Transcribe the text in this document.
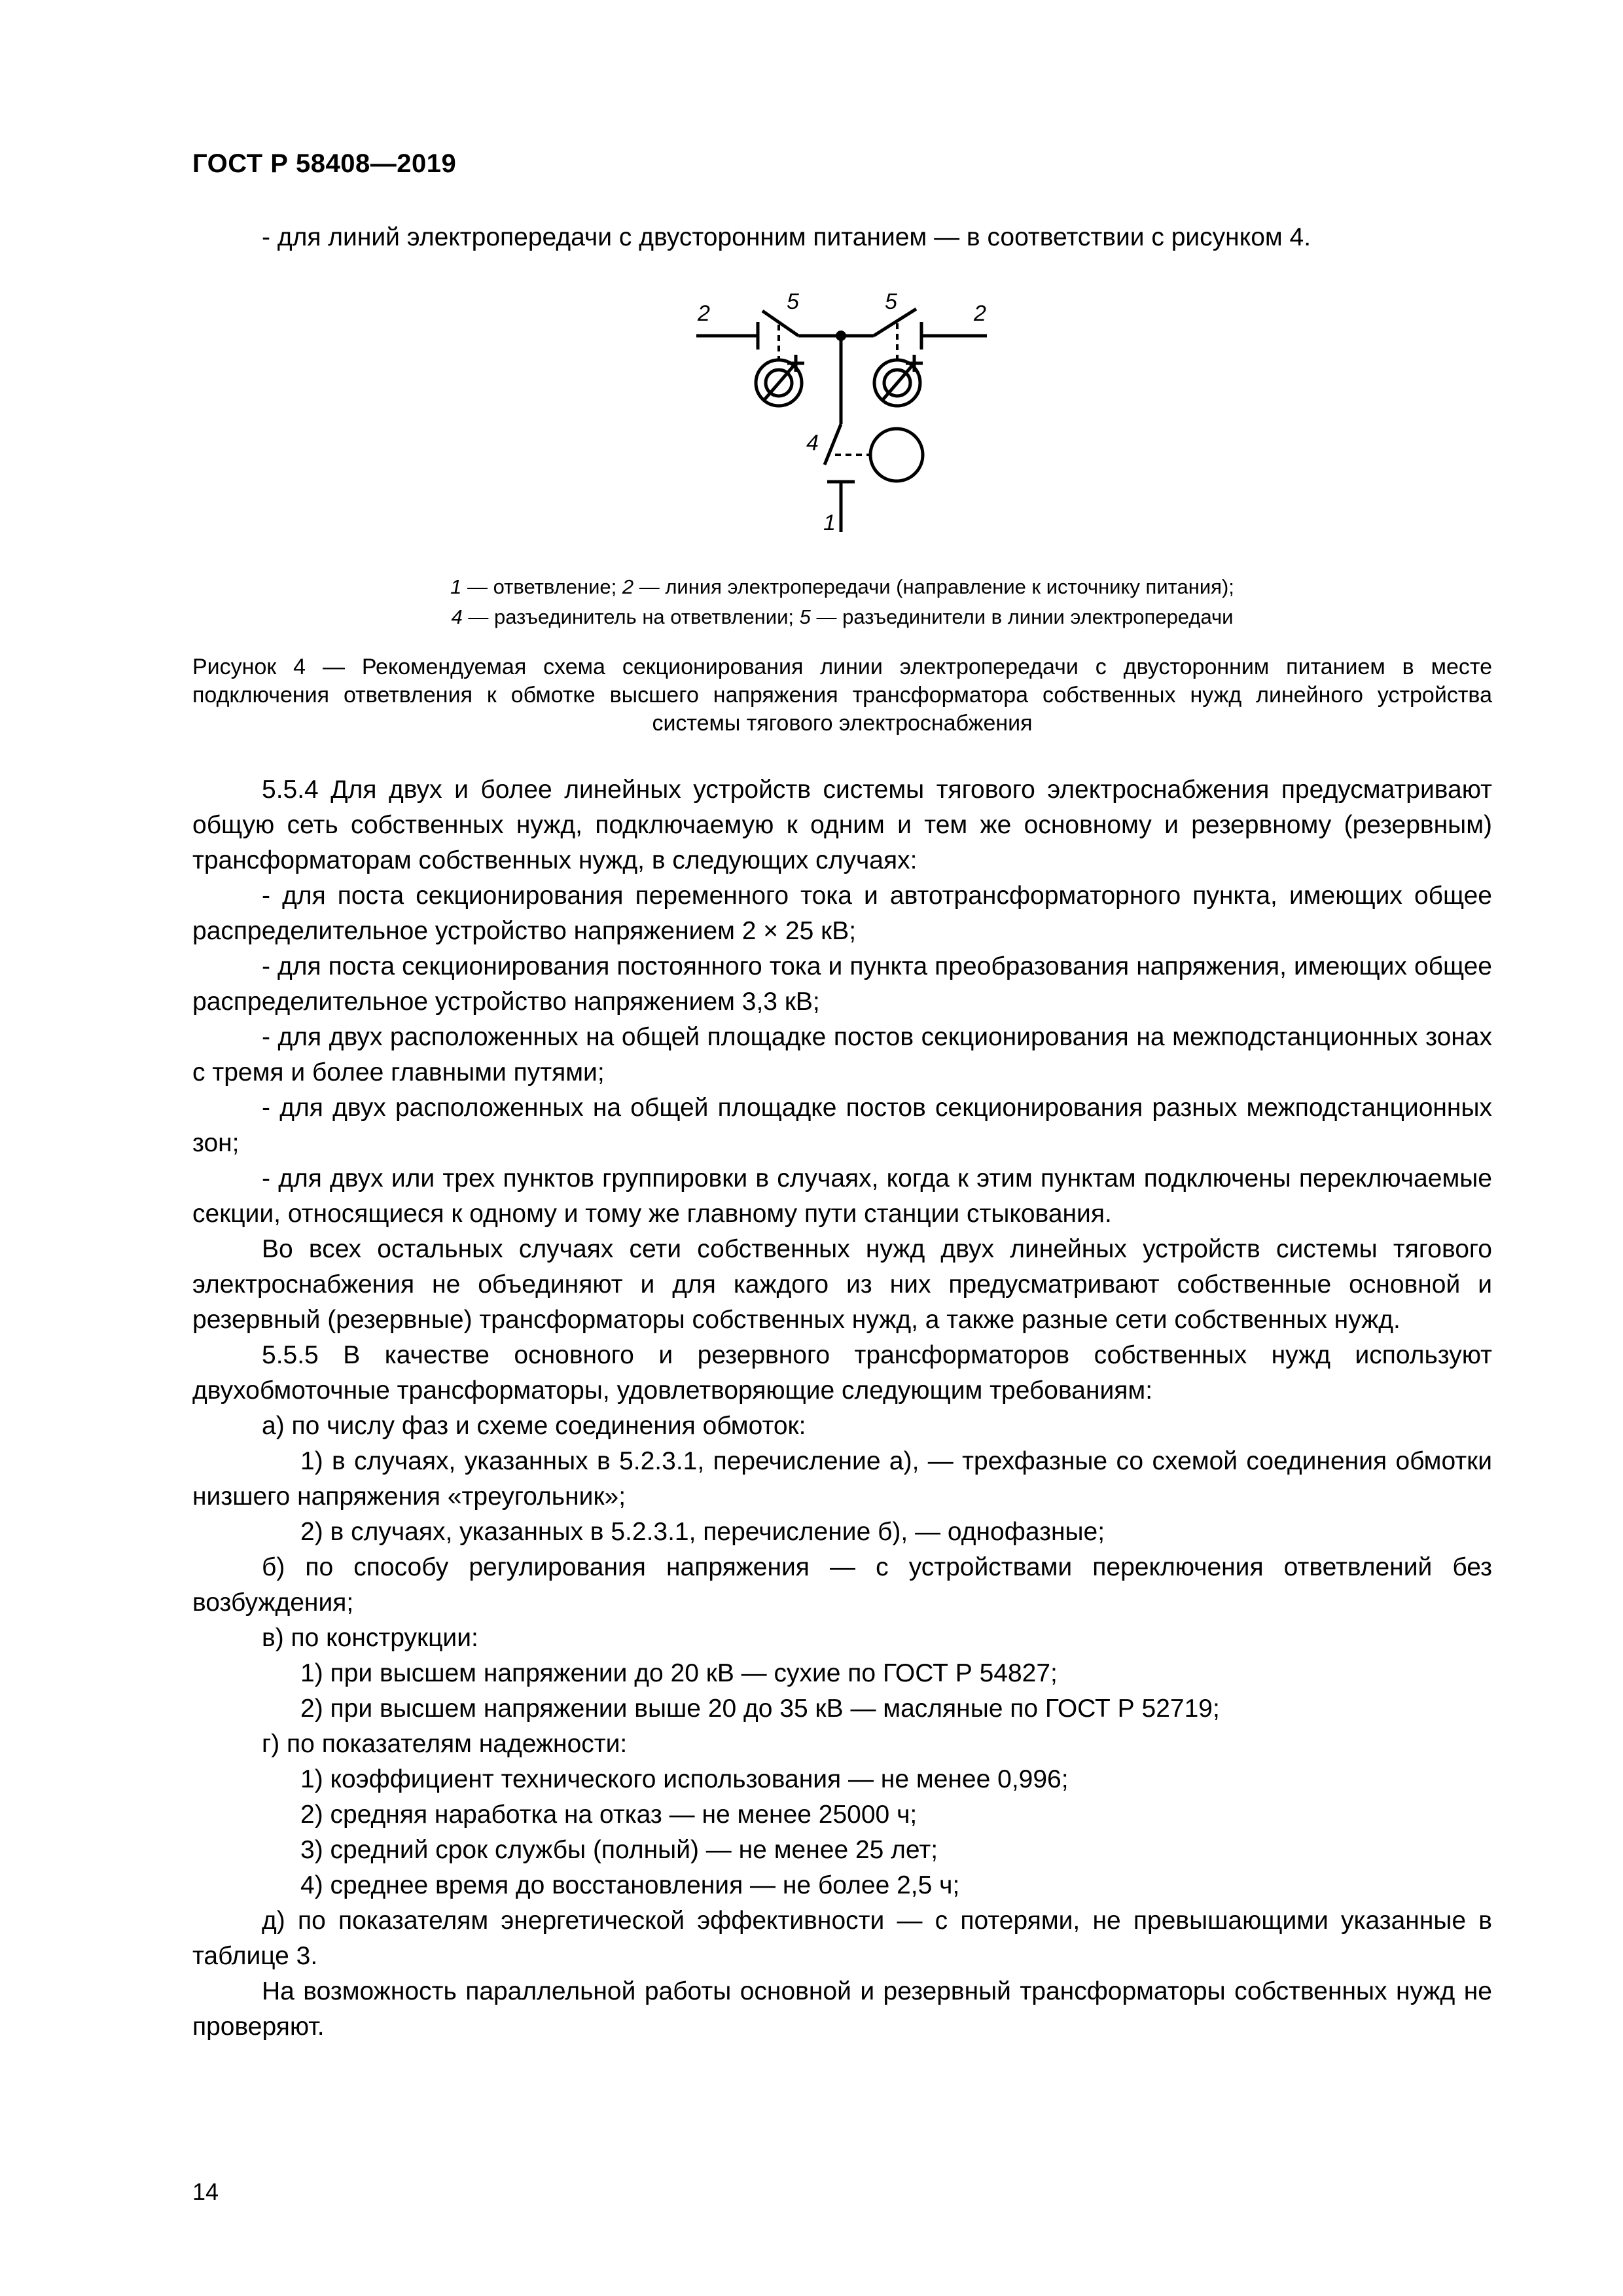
ГОСТ Р 58408—2019

- для линий электропередачи с двусторонним питанием — в соответствии с рисунком 4.

2	5	5	2
4
1
1 — ответвление; 2 — линия электропередачи (направление к источнику питания);
4 — разъединитель на ответвлении; 5 — разъединители в линии электропередачи
Рисунок 4 — Рекомендуемая схема секционирования линии электропередачи с двусторонним питанием в месте подключения ответвления к обмотке высшего напряжения трансформатора собственных нужд линейного устройства системы тягового электроснабжения

5.5.4 Для двух и более линейных устройств системы тягового электроснабжения предусматривают общую сеть собственных нужд, подключаемую к одним и тем же основному и резервному (резервным) трансформаторам собственных нужд, в следующих случаях:

- для поста секционирования переменного тока и автотрансформаторного пункта, имеющих общее распределительное устройство напряжением 2 × 25 кВ;

- для поста секционирования постоянного тока и пункта преобразования напряжения, имеющих общее распределительное устройство напряжением 3,3 кВ;

- для двух расположенных на общей площадке постов секционирования на межподстанционных зонах с тремя и более главными путями;

- для двух расположенных на общей площадке постов секционирования разных межподстанционных зон;

- для двух или трех пунктов группировки в случаях, когда к этим пунктам подключены переключаемые секции, относящиеся к одному и тому же главному пути станции стыкования.

Во всех остальных случаях сети собственных нужд двух линейных устройств системы тягового электроснабжения не объединяют и для каждого из них предусматривают собственные основной и резервный (резервные) трансформаторы собственных нужд, а также разные сети собственных нужд.

5.5.5 В качестве основного и резервного трансформаторов собственных нужд используют двухобмоточные трансформаторы, удовлетворяющие следующим требованиям:

а) по числу фаз и схеме соединения обмоток:

1) в случаях, указанных в 5.2.3.1, перечисление а), — трехфазные со схемой соединения обмотки низшего напряжения «треугольник»;

2) в случаях, указанных в 5.2.3.1, перечисление б), — однофазные;

б) по способу регулирования напряжения — с устройствами переключения ответвлений без возбуждения;

в) по конструкции:

1) при высшем напряжении до 20 кВ — сухие по ГОСТ Р 54827;

2) при высшем напряжении выше 20 до 35 кВ — масляные по ГОСТ Р 52719;

г) по показателям надежности:

1) коэффициент технического использования — не менее 0,996;

2) средняя наработка на отказ — не менее 25000 ч;

3) средний срок службы (полный) — не менее 25 лет;

4) среднее время до восстановления — не более 2,5 ч;

д) по показателям энергетической эффективности — с потерями, не превышающими указанные в таблице 3.

На возможность параллельной работы основной и резервный трансформаторы собственных нужд не проверяют.

14
